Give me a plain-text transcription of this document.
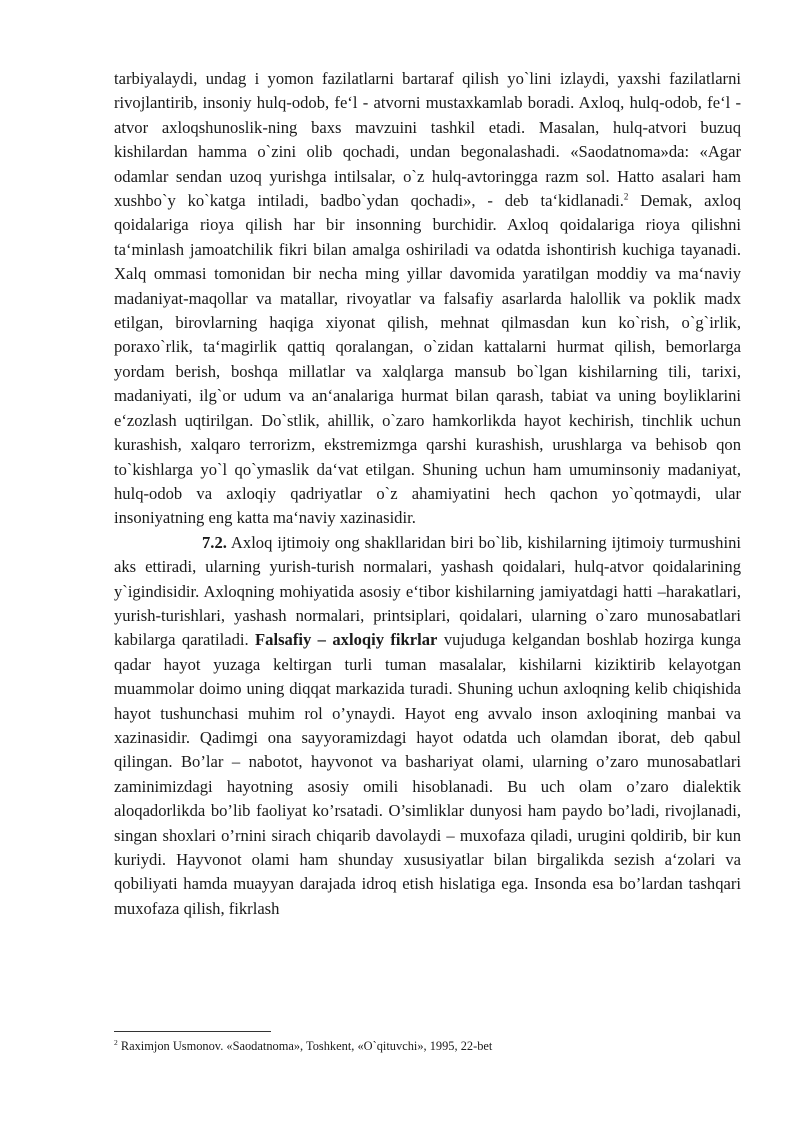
tarbiyalaydi, undag i yomon fazilatlarni bartaraf qilish yo`lini izlaydi, yaxshi fazilatlarni rivojlantirib, insoniy hulq-odob, fe‘l - atvorni mustaxkamlab boradi. Axloq, hulq-odob, fe‘l - atvor axloqshunoslik-ning baxs mavzuini tashkil etadi. Masalan, hulq-atvori buzuq kishilardan hamma o`zini olib qochadi, undan begonalashadi. «Saodatnoma»da: «Agar odamlar sendan uzoq yurishga intilsalar, o`z hulq-avtoringga razm sol. Hatto asalari ham xushbo`y ko`katga intiladi, badbo`ydan qochadi», - deb ta‘kidlanadi.$^2$ Demak, axloq qoidalariga rioya qilish har bir insonning burchidir. Axloq qoidalariga rioya qilishni ta‘minlash jamoatchilik fikri bilan amalga oshiriladi va odatda ishontirish kuchiga tayanadi. Xalq ommasi tomonidan bir necha ming yillar davomida yaratilgan moddiy va ma‘naviy madaniyat-maqollar va matallar, rivoyatlar va falsafiy asarlarda halollik va poklik madx etilgan, birovlarning haqiga xiyonat qilish, mehnat qilmasdan kun ko`rish, o`g`irlik, poraxo`rlik, ta‘magirlik qattiq qoralangan, o`zidan kattalarni hurmat qilish, bemorlarga yordam berish, boshqa millatlar va xalqlarga mansub bo`lgan kishilarning tili, tarixi, madaniyati, ilg`or udum va an‘analariga hurmat bilan qarash, tabiat va uning boyliklarini e‘zozlash uqtirilgan. Do`stlik, ahillik, o`zaro hamkorlikda hayot kechirish, tinchlik uchun kurashish, xalqaro terrorizm, ekstremizmga qarshi kurashish, urushlarga va behisob qon to`kishlarga yo`l qo`ymaslik da‘vat etilgan. Shuning uchun ham umuminsoniy madaniyat, hulq-odob va axloqiy qadriyatlar o`z ahamiyatini hech qachon yo`qotmaydi, ular insoniyatning eng katta ma‘naviy xazinasidir.

7.2. Axloq ijtimoiy ong shakllaridan biri bo`lib, kishilarning ijtimoiy turmushini aks ettiradi, ularning yurish-turish normalari, yashash qoidalari, hulq-atvor qoidalarining y`igindisidir. Axloqning mohiyatida asosiy e‘tibor kishilarning jamiyatdagi hatti –harakatlari, yurish-turishlari, yashash normalari, printsiplari, qoidalari, ularning o`zaro munosabatlari kabilarga qaratiladi. Falsafiy – axloqiy fikrlar vujuduga kelgandan boshlab hozirga kunga qadar hayot yuzaga keltirgan turli tuman masalalar, kishilarni kiziktirib kelayotgan muammolar doimo uning diqqat markazida turadi. Shuning uchun axloqning kelib chiqishida hayot tushunchasi muhim rol o’ynaydi. Hayot eng avvalo inson axloqining manbai va xazinasidir. Qadimgi ona sayyoramizdagi hayot odatda uch olamdan iborat, deb qabul qilingan. Bo’lar – nabotot, hayvonot va bashariyat olami, ularning o’zaro munosabatlari zaminimizdagi hayotning asosiy omili hisoblanadi. Bu uch olam o’zaro dialektik aloqadorlikda bo’lib faoliyat ko’rsatadi. O’simliklar dunyosi ham paydo bo’ladi, rivojlanadi, singan shoxlari o’rnini sirach chiqarib davolaydi – muxofaza qiladi, urugini qoldirib, bir kun kuriydi. Hayvonot olami ham shunday xususiyatlar bilan birgalikda sezish a‘zolari va qobiliyati hamda muayyan darajada idroq etish hislatiga ega. Insonda esa bo’lardan tashqari muxofaza qilish, fikrlash

$^2$ Raximjon Usmonov. «Saodatnoma», Toshkent, «O`qituvchi», 1995, 22-bet
